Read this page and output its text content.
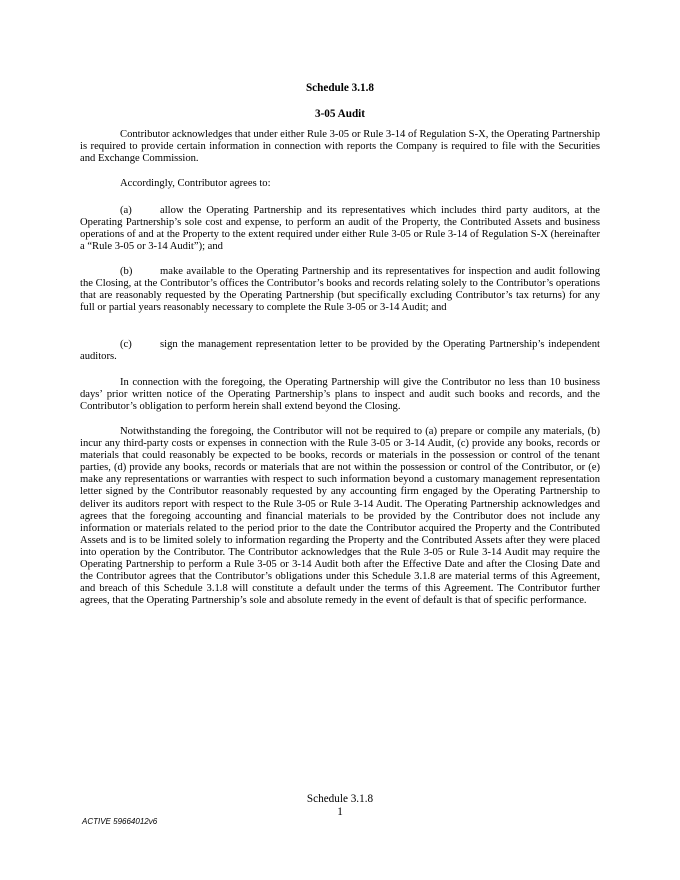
Schedule 3.1.8
3-05 Audit
Contributor acknowledges that under either Rule 3-05 or Rule 3-14 of Regulation S-X, the Operating Partnership is required to provide certain information in connection with reports the Company is required to file with the Securities and Exchange Commission.
Accordingly, Contributor agrees to:
(a)	allow the Operating Partnership and its representatives which includes third party auditors, at the Operating Partnership’s sole cost and expense, to perform an audit of the Property, the Contributed Assets and business operations of and at the Property to the extent required under either Rule 3-05 or Rule 3-14 of Regulation S-X (hereinafter a “Rule 3-05 or 3-14 Audit”); and
(b)	make available to the Operating Partnership and its representatives for inspection and audit following the Closing, at the Contributor’s offices the Contributor’s books and records relating solely to the Contributor’s operations that are reasonably requested by the Operating Partnership (but specifically excluding Contributor’s tax returns) for any full or partial years reasonably necessary to complete the Rule 3-05 or 3-14 Audit; and
(c)	sign the management representation letter to be provided by the Operating Partnership’s independent auditors.
In connection with the foregoing, the Operating Partnership will give the Contributor no less than 10 business days’ prior written notice of the Operating Partnership’s plans to inspect and audit such books and records, and the Contributor’s obligation to perform herein shall extend beyond the Closing.
Notwithstanding the foregoing, the Contributor will not be required to (a) prepare or compile any materials, (b) incur any third-party costs or expenses in connection with the Rule 3-05 or 3-14 Audit, (c) provide any books, records or materials that could reasonably be expected to be books, records or materials in the possession or control of the tenant parties, (d) provide any books, records or materials that are not within the possession or control of the Contributor, or (e) make any representations or warranties with respect to such information beyond a customary management representation letter signed by the Contributor reasonably requested by any accounting firm engaged by the Operating Partnership to deliver its auditors report with respect to the Rule 3-05 or Rule 3-14 Audit. The Operating Partnership acknowledges and agrees that the foregoing accounting and financial materials to be provided by the Contributor does not include any information or materials related to the period prior to the date the Contributor acquired the Property and the Contributed Assets and is to be limited solely to information regarding the Property and the Contributed Assets after they were placed into operation by the Contributor. The Contributor acknowledges that the Rule 3-05 or Rule 3-14 Audit may require the Operating Partnership to perform a Rule 3-05 or 3-14 Audit both after the Effective Date and after the Closing Date and the Contributor agrees that the Contributor’s obligations under this Schedule 3.1.8 are material terms of this Agreement, and breach of this Schedule 3.1.8 will constitute a default under the terms of this Agreement. The Contributor further agrees, that the Operating Partnership’s sole and absolute remedy in the event of default is that of specific performance.
Schedule 3.1.8
1
ACTIVE 59664012v6
